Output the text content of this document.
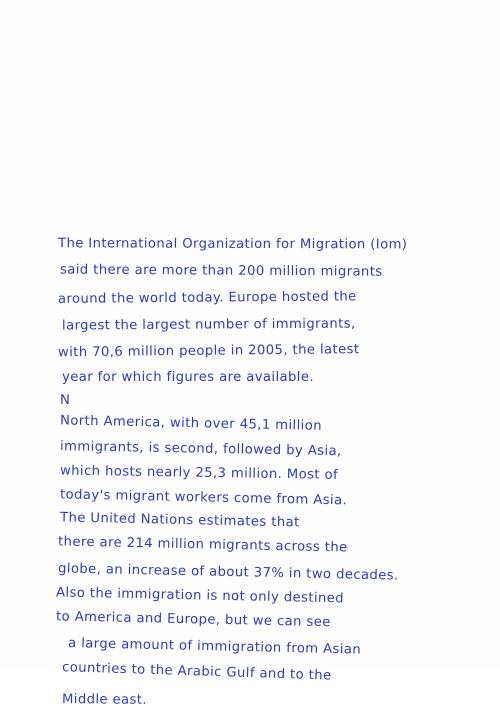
The International Organization for Migration (Iom)
said there are more than 200 million migrants
around the world today. Europe hosted the
largest the largest number of immigrants,
with 70,6 million people in 2005, the latest
year for which figures are available.
N
North America, with over 45,1 million
immigrants, is second, followed by Asia,
which hosts nearly 25,3 million. Most of
today's migrant workers come from Asia.
The United Nations estimates that
there are 214 million migrants across the
globe, an increase of about 37% in two decades.
Also the immigration is not only destined
to America and Europe, but we can see
a large amount of immigration from Asian
countries to the Arabic Gulf and to the
Middle east.
